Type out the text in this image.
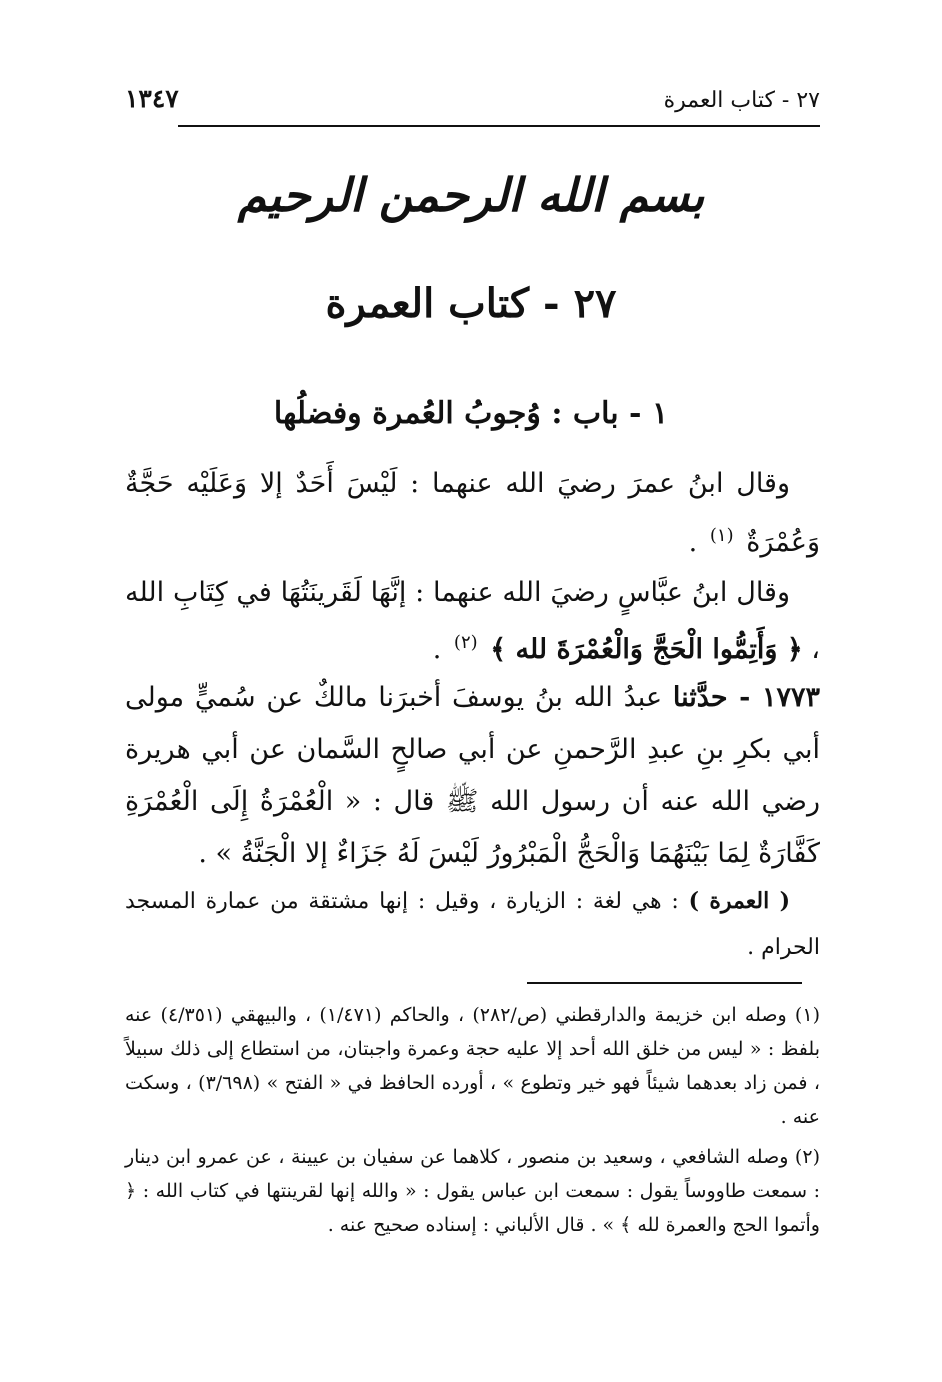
١٣٤٧	٢٧ - كتاب العمرة
بسم الله الرحمن الرحيم
٢٧ - كتاب العمرة
١ - باب : وُجوبُ العُمرة وفضلُها
وقال ابنُ عمرَ رضيَ الله عنهما : لَيْسَ أَحَدٌ إلا وَعَلَيْه حَجَّةٌ وَعُمْرَةٌ $^{(١)}$ .
وقال ابنُ عبَّاسٍ رضيَ الله عنهما : إنَّهَا لَقَرينَتُهَا في كِتَابِ الله ، ﴿ وَأَتِمُّوا الْحَجَّ وَالْعُمْرَةَ لله ﴾ $^{(٢)}$ .
١٧٧٣ - حدَّثنا عبدُ الله بنُ يوسفَ أخبرَنا مالكٌ عن سُميٍّ مولى أبي بكرِ بنِ عبدِ الرَّحمنِ عن أبي صالحٍ السَّمان عن أبي هريرة رضي الله عنه أن رسول الله ﷺ قال : « الْعُمْرَةُ إِلَى الْعُمْرَةِ كَفَّارَةٌ لِمَا بَيْنَهُمَا وَالْحَجُّ الْمَبْرُورُ لَيْسَ لَهُ جَزَاءٌ إلا الْجَنَّةُ » .
( العمرة ) : هي لغة : الزيارة ، وقيل : إنها مشتقة من عمارة المسجد الحرام .

(١) وصله ابن خزيمة والدارقطني (ص/٢٨٢) ، والحاكم (١/٤٧١) ، والبيهقي (٤/٣٥١) عنه بلفظ : « ليس من خلق الله أحد إلا عليه حجة وعمرة واجبتان، من استطاع إلى ذلك سبيلاً ، فمن زاد بعدهما شيئاً فهو خير وتطوع » ، أورده الحافظ في « الفتح » (٣/٦٩٨) ، وسكت عنه .

(٢) وصله الشافعي ، وسعيد بن منصور ، كلاهما عن سفيان بن عيينة ، عن عمرو ابن دينار : سمعت طاووساً يقول : سمعت ابن عباس يقول : « والله إنها لقرينتها في كتاب الله : ﴿ وأتموا الحج والعمرة لله ﴾ » . قال الألباني : إسناده صحيح عنه .
